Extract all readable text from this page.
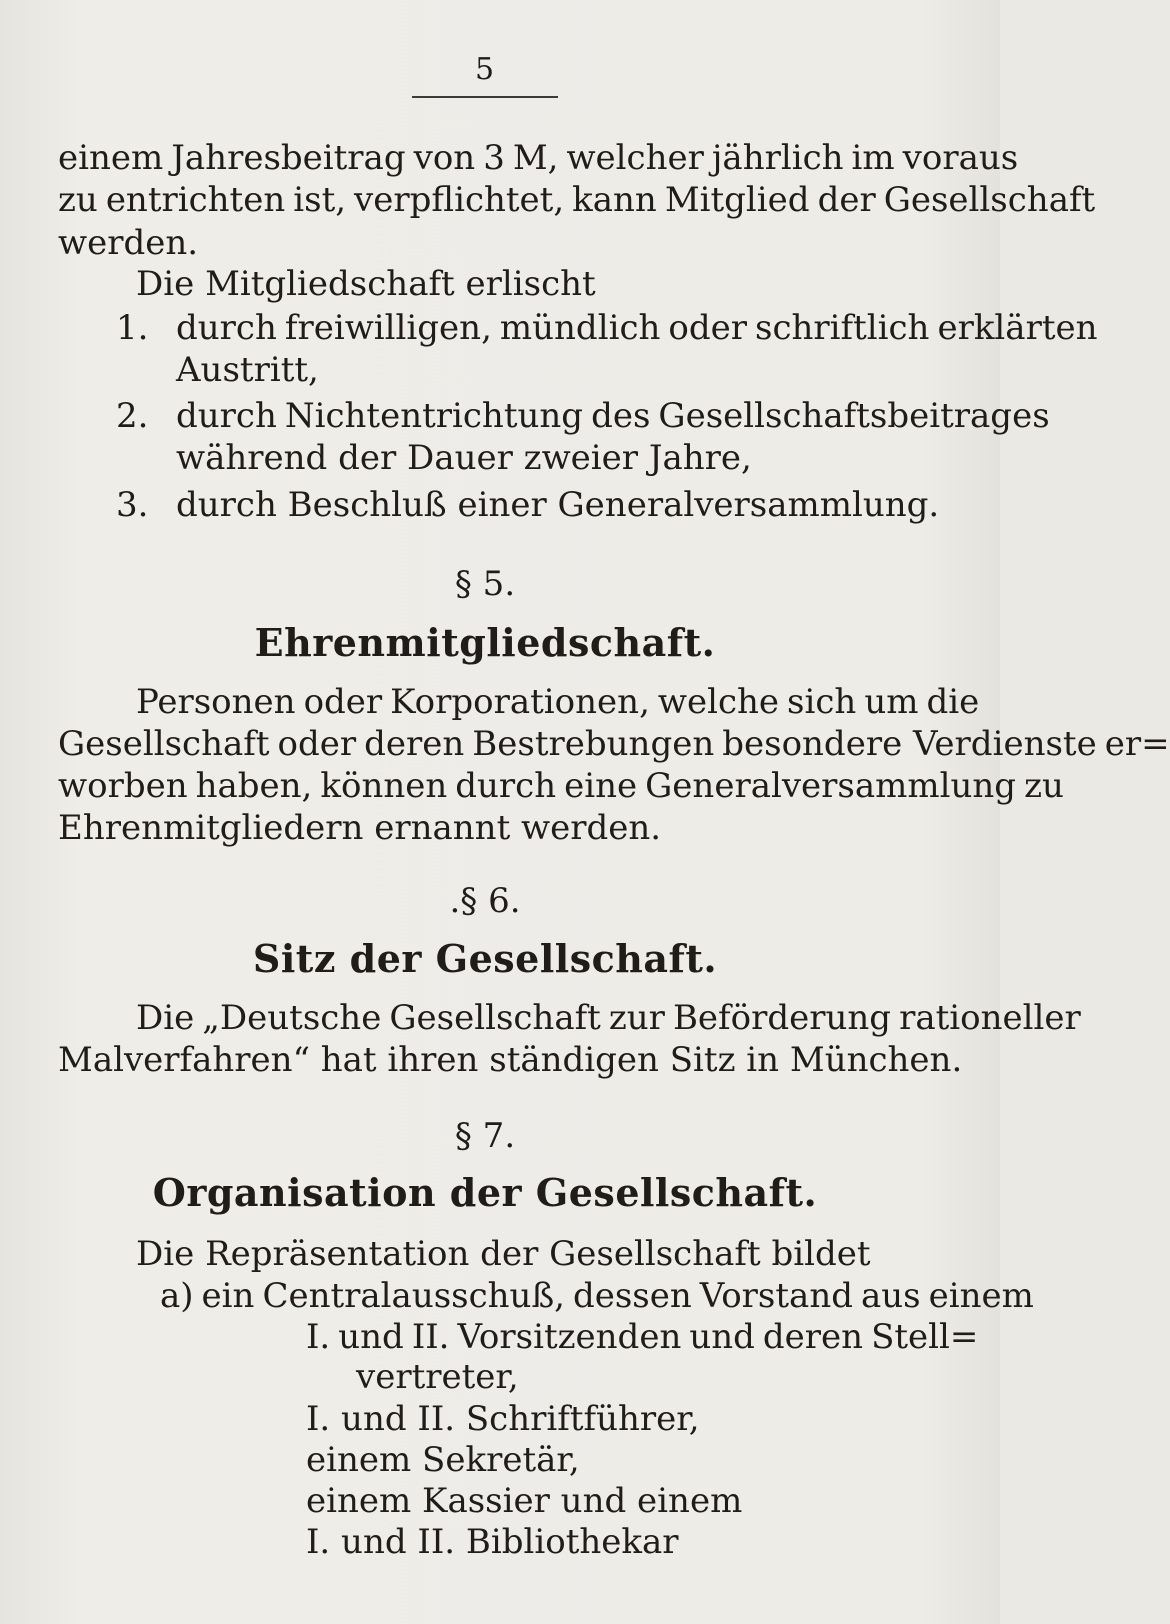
5
einem Jahresbeitrag von 3 M, welcher jährlich im voraus
zu entrichten ist, verpflichtet, kann Mitglied der Gesellschaft
werden.
Die Mitgliedschaft erlischt
1. durch freiwilligen, mündlich oder schriftlich erklärten
Austritt,
2. durch Nichtentrichtung des Gesellschaftsbeitrages
während der Dauer zweier Jahre,
3. durch Beschluß einer Generalversammlung.
§ 5.
Ehrenmitgliedschaft.
Personen oder Korporationen, welche sich um die
Gesellschaft oder deren Bestrebungen besondere Verdienste er=
worben haben, können durch eine Generalversammlung zu
Ehrenmitgliedern ernannt werden.
.§ 6.
Sitz der Gesellschaft.
Die „Deutsche Gesellschaft zur Beförderung rationeller
Malverfahren“ hat ihren ständigen Sitz in München.
§ 7.
Organisation der Gesellschaft.
Die Repräsentation der Gesellschaft bildet
a) ein Centralausschuß, dessen Vorstand aus einem
I. und II. Vorsitzenden und deren Stell=
vertreter,
I. und II. Schriftführer,
einem Sekretär,
einem Kassier und einem
I. und II. Bibliothekar
